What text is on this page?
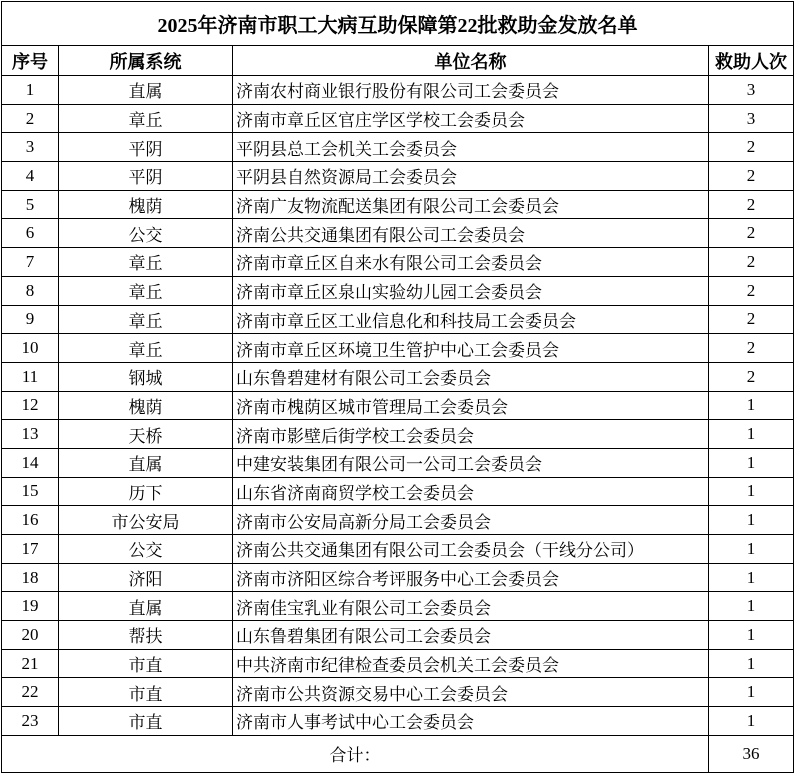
2025年济南市职工大病互助保障第22批救助金发放名单			
序号	所属系统	单位名称	救助人次
1	直属	济南农村商业银行股份有限公司工会委员会	3
2	章丘	济南市章丘区官庄学区学校工会委员会	3
3	平阴	平阴县总工会机关工会委员会	2
4	平阴	平阴县自然资源局工会委员会	2
5	槐荫	济南广友物流配送集团有限公司工会委员会	2
6	公交	济南公共交通集团有限公司工会委员会	2
7	章丘	济南市章丘区自来水有限公司工会委员会	2
8	章丘	济南市章丘区泉山实验幼儿园工会委员会	2
9	章丘	济南市章丘区工业信息化和科技局工会委员会	2
10	章丘	济南市章丘区环境卫生管护中心工会委员会	2
11	钢城	山东鲁碧建材有限公司工会委员会	2
12	槐荫	济南市槐荫区城市管理局工会委员会	1
13	天桥	济南市影壁后街学校工会委员会	1
14	直属	中建安装集团有限公司一公司工会委员会	1
15	历下	山东省济南商贸学校工会委员会	1
16	市公安局	济南市公安局高新分局工会委员会	1
17	公交	济南公共交通集团有限公司工会委员会（干线分公司）	1
18	济阳	济南市济阳区综合考评服务中心工会委员会	1
19	直属	济南佳宝乳业有限公司工会委员会	1
20	帮扶	山东鲁碧集团有限公司工会委员会	1
21	市直	中共济南市纪律检查委员会机关工会委员会	1
22	市直	济南市公共资源交易中心工会委员会	1
23	市直	济南市人事考试中心工会委员会	1
合计：			36
